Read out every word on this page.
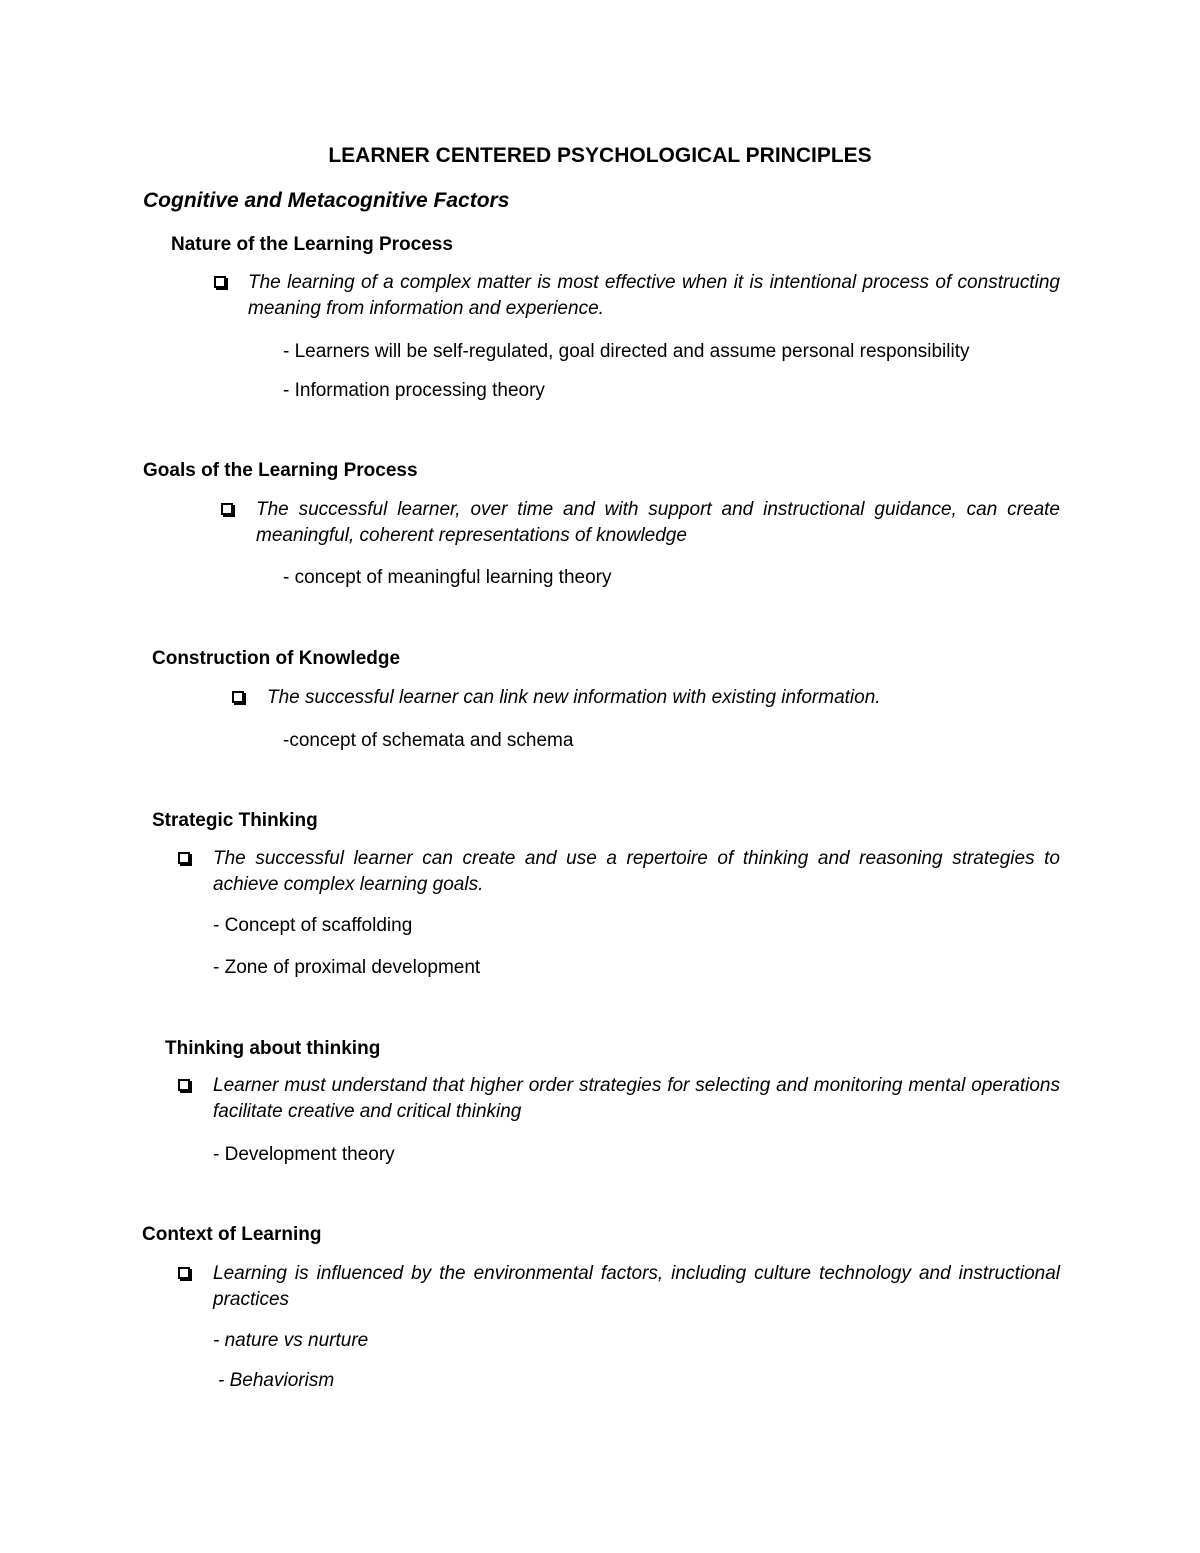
LEARNER CENTERED PSYCHOLOGICAL PRINCIPLES
Cognitive and Metacognitive Factors
Nature of the Learning Process
The learning of a complex matter is most effective when it is intentional process of constructing meaning from information and experience.
- Learners will be self-regulated, goal directed and assume personal responsibility
- Information processing theory
Goals of the Learning Process
The successful learner, over time and with support and instructional guidance, can create meaningful, coherent representations of knowledge
- concept of meaningful learning theory
Construction of Knowledge
The successful learner can link new information with existing information.
-concept of schemata and schema
Strategic Thinking
The successful learner can create and use a repertoire of thinking and reasoning strategies to achieve complex learning goals.
- Concept of scaffolding
- Zone of proximal development
Thinking about thinking
Learner must understand that higher order strategies for selecting and monitoring mental operations facilitate creative and critical thinking
- Development theory
Context of Learning
Learning is influenced by the environmental factors, including culture technology and instructional practices
- nature vs nurture
- Behaviorism
